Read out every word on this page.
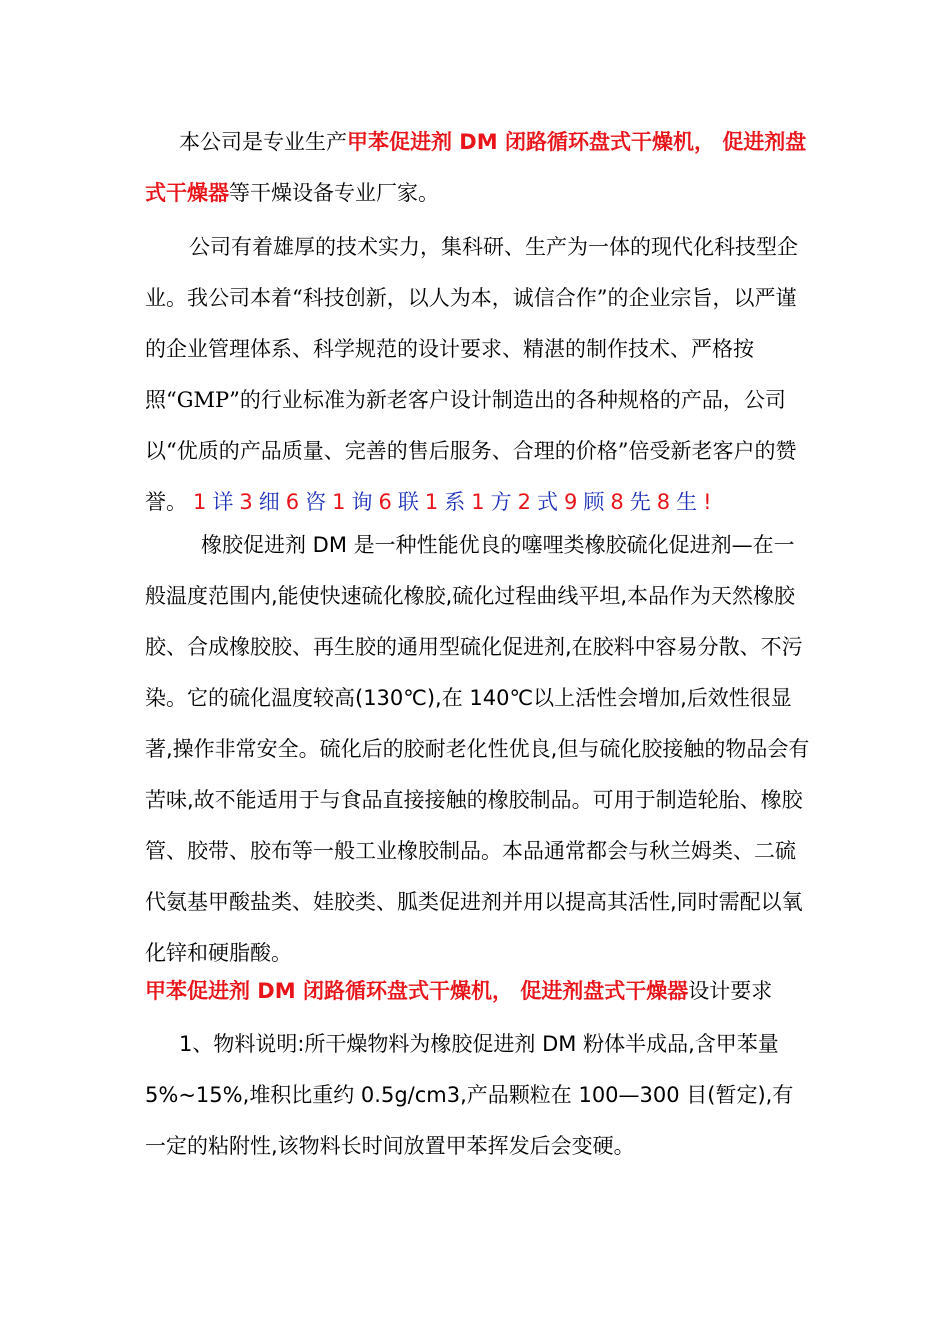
本公司是专业生产甲苯促进剂 DM 闭路循环盘式干燥机， 促进剂盘式干燥器等干燥设备专业厂家。

公司有着雄厚的技术实力，集科研、生产为一体的现代化科技型企业。我公司本着“科技创新，以人为本，诚信合作”的企业宗旨，以严谨的企业管理体系、科学规范的设计要求、精湛的制作技术、严格按照“GMP”的行业标准为新老客户设计制造出的各种规格的产品，公司以“优质的产品质量、完善的售后服务、合理的价格”倍受新老客户的赞誉。 1 详 3 细 6 咨 1 询 6 联 1 系 1 方 2 式 9 顾 8 先 8 生 !

橡胶促进剂 DM 是一种性能优良的噻哩类橡胶硫化促进剂—在一般温度范围内,能使快速硫化橡胶,硫化过程曲线平坦,本品作为天然橡胶胶、合成橡胶胶、再生胶的通用型硫化促进剂,在胶料中容易分散、不污染。它的硫化温度较高(130℃),在 140℃以上活性会增加,后效性很显著,操作非常安全。硫化后的胶耐老化性优良,但与硫化胶接触的物品会有苦味,故不能适用于与食品直接接触的橡胶制品。可用于制造轮胎、橡胶管、胶带、胶布等一般工业橡胶制品。本品通常都会与秋兰姆类、二硫代氨基甲酸盐类、娃胶类、胍类促进剂并用以提高其活性,同时需配以氧化锌和硬脂酸。

甲苯促进剂 DM 闭路循环盘式干燥机， 促进剂盘式干燥器设计要求

1、物料说明:所干燥物料为橡胶促进剂 DM 粉体半成品,含甲苯量 5%~15%,堆积比重约 0.5g/cm3,产品颗粒在 100—300 目(暂定),有一定的粘附性,该物料长时间放置甲苯挥发后会变硬。
